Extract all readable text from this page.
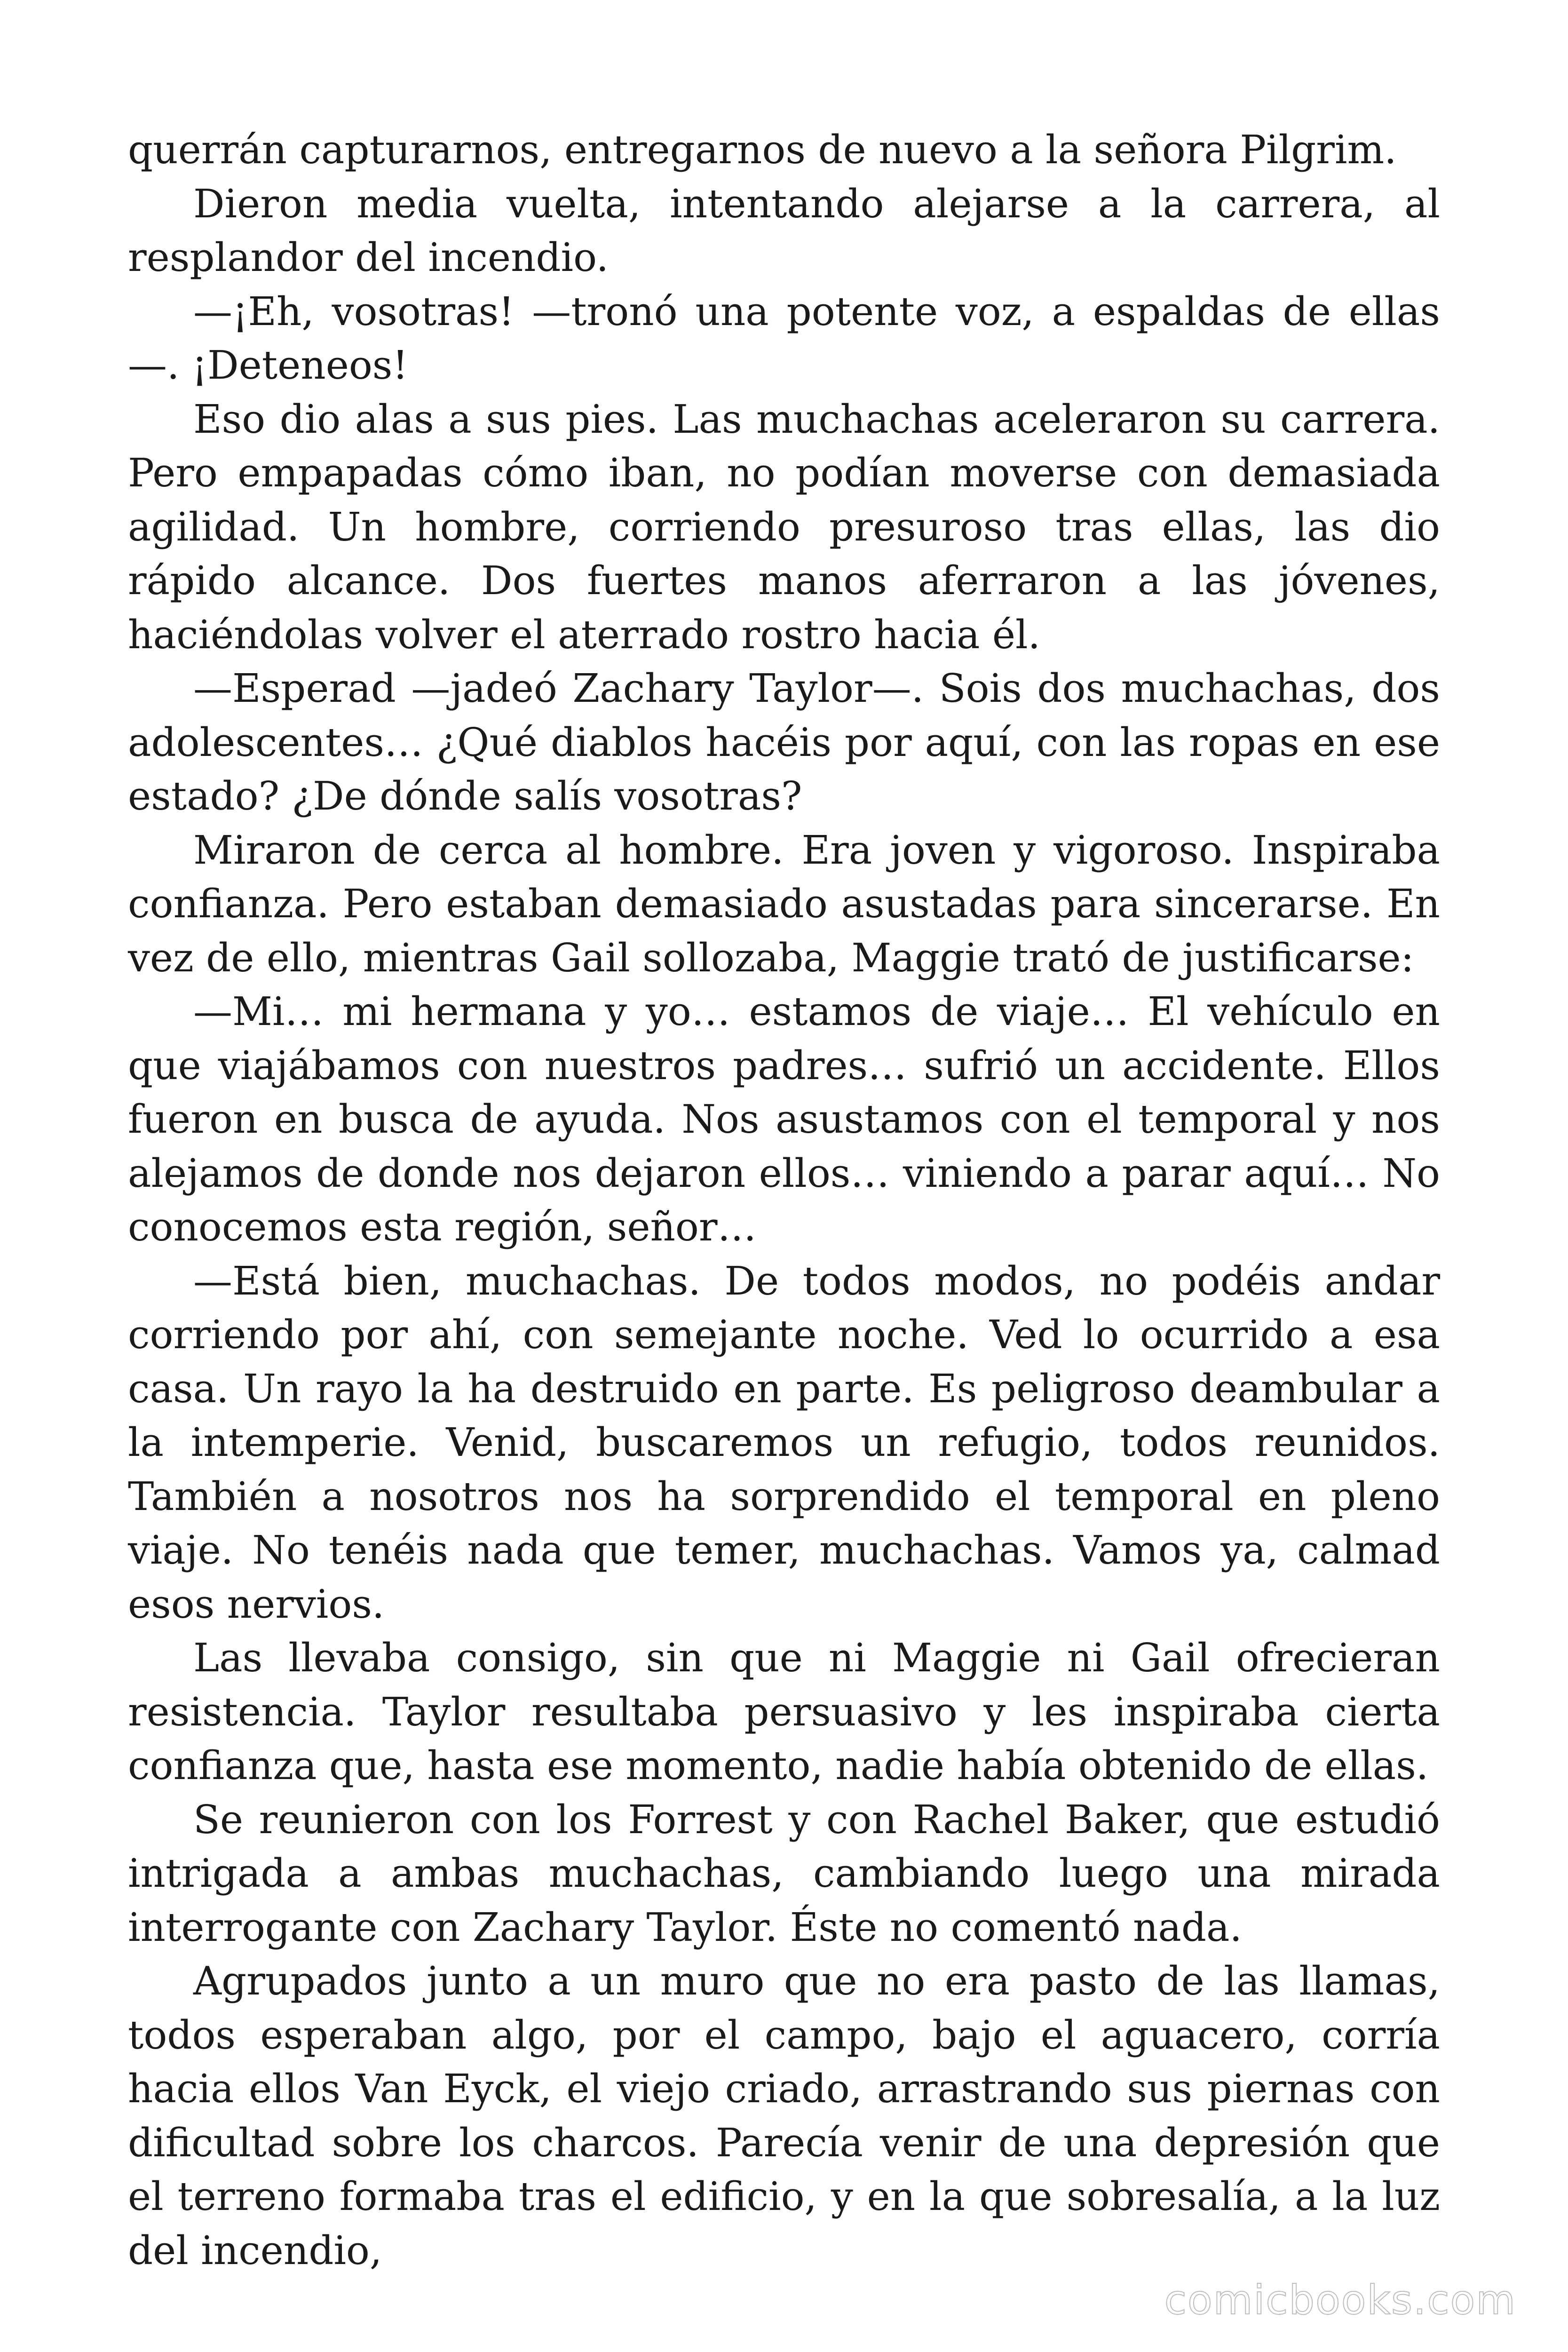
querrán capturarnos, entregarnos de nuevo a la señora Pilgrim.

Dieron media vuelta, intentando alejarse a la carrera, al resplandor del incendio.

—¡Eh, vosotras! —tronó una potente voz, a espaldas de ellas—. ¡Deteneos!

Eso dio alas a sus pies. Las muchachas aceleraron su carrera. Pero empapadas cómo iban, no podían moverse con demasiada agilidad. Un hombre, corriendo presuroso tras ellas, las dio rápido alcance. Dos fuertes manos aferraron a las jóvenes, haciéndolas volver el aterrado rostro hacia él.

—Esperad —jadeó Zachary Taylor—. Sois dos muchachas, dos adolescentes… ¿Qué diablos hacéis por aquí, con las ropas en ese estado? ¿De dónde salís vosotras?

Miraron de cerca al hombre. Era joven y vigoroso. Inspiraba confianza. Pero estaban demasiado asustadas para sincerarse. En vez de ello, mientras Gail sollozaba, Maggie trató de justificarse:

—Mi… mi hermana y yo… estamos de viaje… El vehículo en que viajábamos con nuestros padres… sufrió un accidente. Ellos fueron en busca de ayuda. Nos asustamos con el temporal y nos alejamos de donde nos dejaron ellos… viniendo a parar aquí… No conocemos esta región, señor…

—Está bien, muchachas. De todos modos, no podéis andar corriendo por ahí, con semejante noche. Ved lo ocurrido a esa casa. Un rayo la ha destruido en parte. Es peligroso deambular a la intemperie. Venid, buscaremos un refugio, todos reunidos. También a nosotros nos ha sorprendido el temporal en pleno viaje. No tenéis nada que temer, muchachas. Vamos ya, calmad esos nervios.

Las llevaba consigo, sin que ni Maggie ni Gail ofrecieran resistencia. Taylor resultaba persuasivo y les inspiraba cierta confianza que, hasta ese momento, nadie había obtenido de ellas.

Se reunieron con los Forrest y con Rachel Baker, que estudió intrigada a ambas muchachas, cambiando luego una mirada interrogante con Zachary Taylor. Éste no comentó nada.

Agrupados junto a un muro que no era pasto de las llamas, todos esperaban algo, por el campo, bajo el aguacero, corría hacia ellos Van Eyck, el viejo criado, arrastrando sus piernas con dificultad sobre los charcos. Parecía venir de una depresión que el terreno formaba tras el edificio, y en la que sobresalía, a la luz del incendio,

comicbooks.com
